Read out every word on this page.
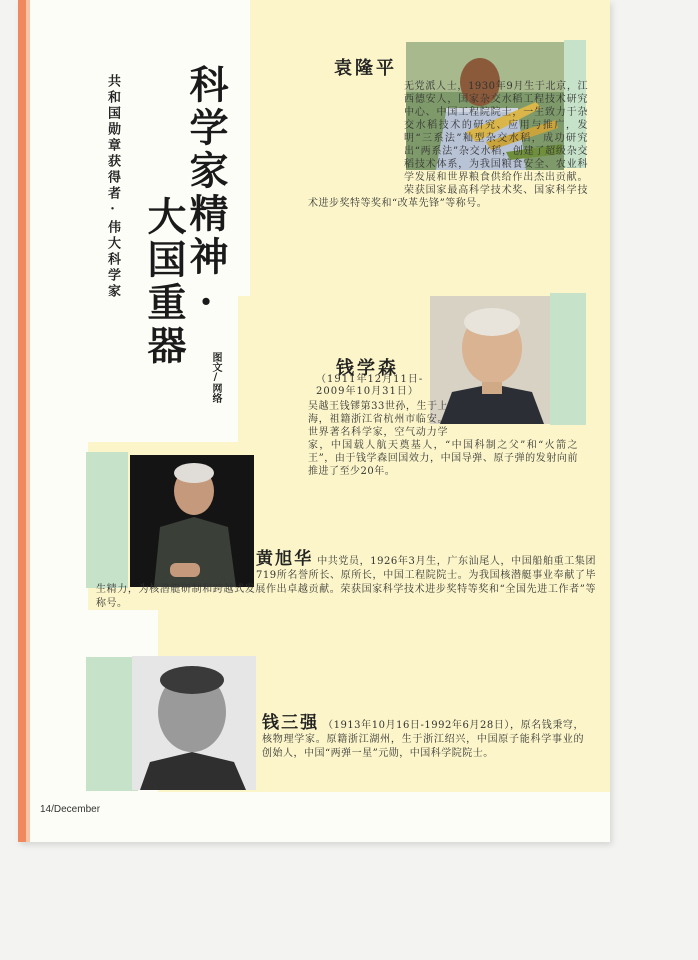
科学家精神·
大国重器
共和国勋章获得者·伟大科学家
图文/网络
袁隆平
无党派人士，1930年9月生于北京，江西德安人，国家杂交水稻工程技术研究中心、中国工程院院士，一生致力于杂交水稻技术的研究、应用与推广，发明“三系法”籼型杂交水稻，成功研究出“两系法”杂交水稻，创建了超级杂交稻技术体系，为我国粮食安全、农业科学发展和世界粮食供给作出杰出贡献。荣获国家最高科学技术奖、国家科学技术进步奖特等奖和“改革先锋”等称号。
钱学森
（1911年12月11日-
2009年10月31日）
吴越王钱镠第33世孙，生于上海，祖籍浙江省杭州市临安。世界著名科学家，空气动力学家，中国载人航天奠基人，“中国科制之父”和“火箭之王”，由于钱学森回国效力，中国导弹、原子弹的发射向前推进了至少20年。
黄旭华 中共党员，1926年3月生，广东汕尾人，中国船舶重工集团719所名誉所长、原所长，中国工程院院士。为我国核潜艇事业奉献了毕生精力，为核潜艇研制和跨越式发展作出卓越贡献。荣获国家科学技术进步奖特等奖和“全国先进工作者”等称号。
钱三强 （1913年10月16日-1992年6月28日），原名钱秉穹，核物理学家。原籍浙江湖州，生于浙江绍兴，中国原子能科学事业的创始人，中国“两弹一星”元勋，中国科学院院士。
14/December
